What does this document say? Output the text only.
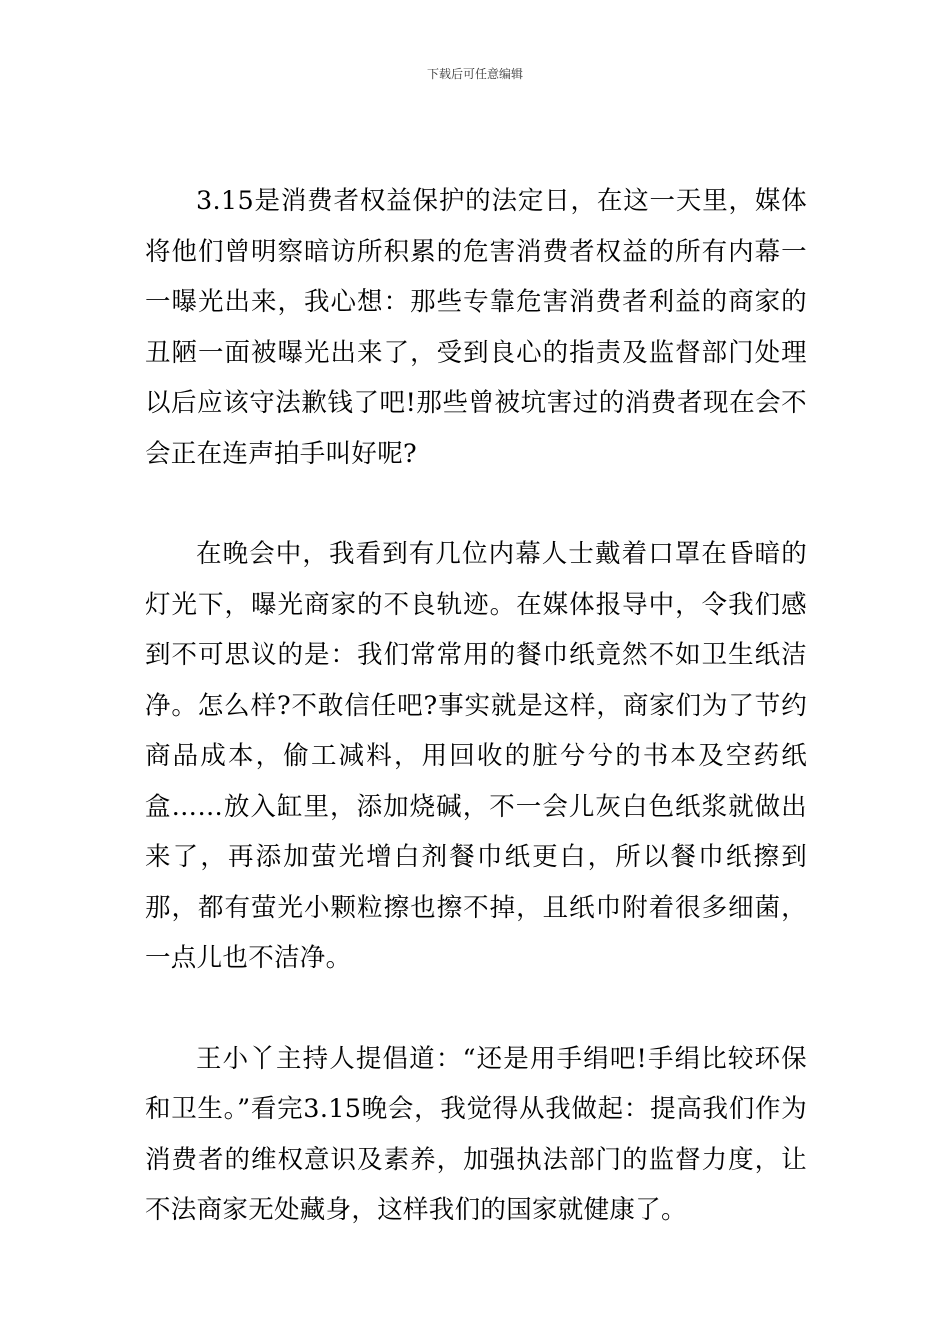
下载后可任意编辑

3.15是消费者权益保护的法定日，在这一天里，媒体将他们曾明察暗访所积累的危害消费者权益的所有内幕一一曝光出来，我心想：那些专靠危害消费者利益的商家的丑陋一面被曝光出来了，受到良心的指责及监督部门处理以后应该守法歉钱了吧!那些曾被坑害过的消费者现在会不会正在连声拍手叫好呢?

在晚会中，我看到有几位内幕人士戴着口罩在昏暗的灯光下，曝光商家的不良轨迹。在媒体报导中，令我们感到不可思议的是：我们常常用的餐巾纸竟然不如卫生纸洁净。怎么样?不敢信任吧?事实就是这样，商家们为了节约商品成本，偷工减料，用回收的脏兮兮的书本及空药纸盒……放入缸里，添加烧碱，不一会儿灰白色纸浆就做出来了，再添加萤光增白剂餐巾纸更白，所以餐巾纸擦到那，都有萤光小颗粒擦也擦不掉，且纸巾附着很多细菌，一点儿也不洁净。

王小丫主持人提倡道：“还是用手绢吧!手绢比较环保和卫生。”看完3.15晚会，我觉得从我做起：提高我们作为消费者的维权意识及素养，加强执法部门的监督力度，让不法商家无处藏身，这样我们的国家就健康了。
